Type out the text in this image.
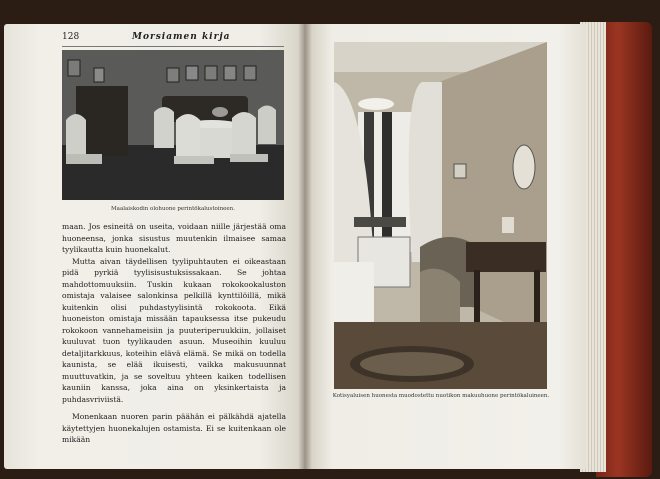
128	Morsiamen kirja
Maalaiskodin olohuone perintökalustoineen.

maan. Jos esineitä on useita, voidaan niille järjestää oma huoneensa, jonka sisustus muutenkin ilmaisee samaa tyylikautta kuin huonekalut.

Mutta aivan täydellisen tyylipuhtauten ei oikeastaan pidä pyrkiä tyylisisustuksissakaan. Se johtaa mahdottomuuksiin. Tuskin kukaan rokokookaluston omistaja valaisee salonkinsa pelkillä kynttilöillä, mikä kuitenkin olisi puhdastyylisintä rokokoota. Eikä huoneiston omistaja missään tapauksessa itse pukeudu rokokoon vannehameisiin ja puuteriperuukkiin, jollaiset kuuluvat tuon tyylikauden asuun. Museoihin kuuluu detaljitarkkuus, koteihin elävä elämä. Se mikä on todella kaunista, se elää ikuisesti, vaikka makusuunnat muuttuvatkin, ja se soveltuu yhteen kaiken todellisen kauniin kanssa, joka aina on yksinkertaista ja puhdasvriviistä.

Monenkaan nuoren parin päähän ei pälkähdä ajatella käytettyjen huonekalujen ostamista. Ei se kuitenkaan ole mikään

Kotisyaluisen huonesta muodostettu nuotikon makuuhuone perintökaluineen.
